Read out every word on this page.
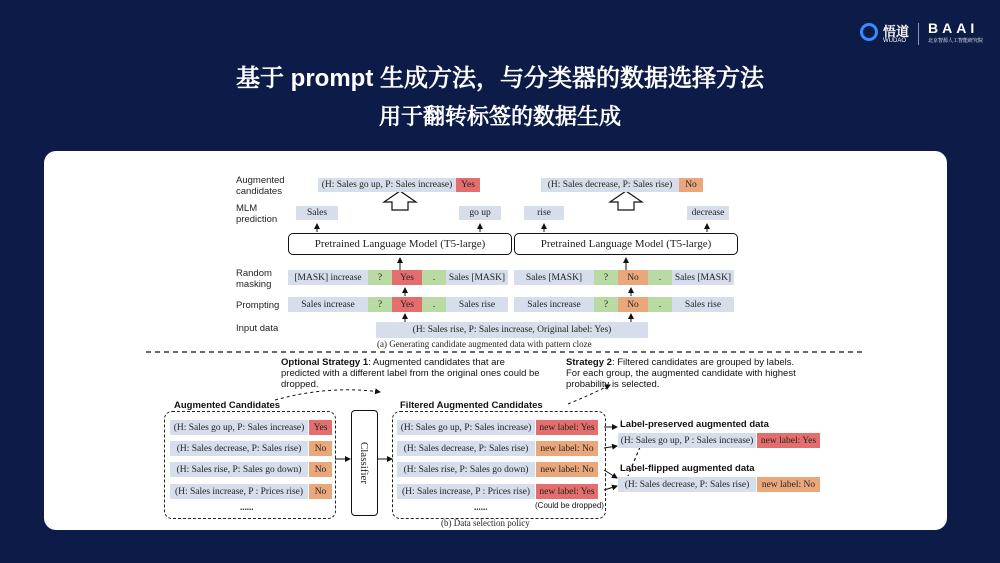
基于 prompt 生成方法，与分类器的数据选择方法
用于翻转标签的数据生成
悟道
WUDAO
BAAI
北京智源人工智能研究院
Augmented candidates
MLM prediction
Random masking
Prompting
Input data
(H: Sales go up, P: Sales increase) Yes
Sales	go up
Pretrained Language Model (T5-large)
[MASK] increase	?	Yes	.	Sales [MASK]
Sales increase	?	Yes	.	Sales rise
(H: Sales decrease, P: Sales rise)	No
rise	decrease
Pretrained Language Model (T5-large)
Sales [MASK]	?	No	.	Sales [MASK]
Sales increase	?	No	.	Sales rise
(H: Sales rise, P: Sales increase, Original label: Yes)
(a) Generating candidate augmented data with pattern cloze
Optional Strategy 1: Augmented candidates that are predicted with a different label from the original ones could be dropped.
Strategy 2: Filtered candidates are grouped by labels. For each group, the augmented candidate with highest probability is selected.
Augmented Candidates
(H: Sales go up, P: Sales increase) Yes
(H: Sales decrease, P: Sales rise)	No
(H: Sales rise, P: Sales go down)	No
(H: Sales increase, P : Prices rise)	No
......
Classifier
Filtered Augmented Candidates
(H: Sales go up, P: Sales increase) new label: Yes
(H: Sales decrease, P: Sales rise)	new label: No
(H: Sales rise, P: Sales go down)	new label: No
(H: Sales increase, P : Prices rise) new label: Yes
......	(Could be dropped)
Label-preserved augmented data
(H: Sales go up, P : Sales increase) new label: Yes
Label-flipped augmented data
(H: Sales decrease, P: Sales rise)	new label: No
(b) Data selection policy
